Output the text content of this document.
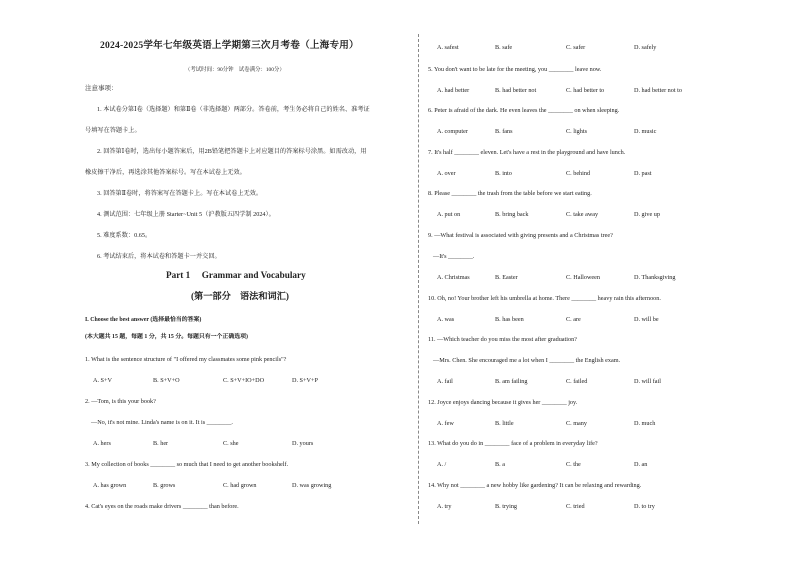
2024-2025学年七年级英语上学期第三次月考卷（上海专用）
（考试时间：90分钟　试卷满分：100分）
注意事项：
1. 本试卷分第Ⅰ卷（选择题）和第Ⅱ卷（非选择题）两部分。答卷前，考生务必将自己的姓名、准考证
号填写在答题卡上。
2. 回答第Ⅰ卷时，选出每小题答案后，用2B铅笔把答题卡上对应题目的答案标号涂黑。如需改动，用
橡皮擦干净后，再选涂其他答案标号。写在本试卷上无效。
3. 回答第Ⅱ卷时，将答案写在答题卡上。写在本试卷上无效。
4. 测试范围：七年级上册 Starter~Unit 5（沪教版五四学制 2024）。
5. 难度系数：0.65。
6. 考试结束后，将本试卷和答题卡一并交回。
Part 1　 Grammar and Vocabulary
(第一部分　语法和词汇)
I. Choose the best answer (选择最恰当的答案)
(本大题共 15 题，每题 1 分，共 15 分。每题只有一个正确选项)
1. What is the sentence structure of "I offered my classmates some pink pencils"?
A. S+V	B. S+V+O	C. S+V+IO+DO	D. S+V+P
2. —Tom, is this your book?
—No, it's not mine. Linda's name is on it. It is ________.
A. hers	B. her	C. she	D. yours
3. My collection of books ________ so much that I need to get another bookshelf.
A. has grown	B. grows	C. had grown	D. was growing
4. Cat's eyes on the roads make drivers ________ than before.
A. safest	B. safe	C. safer	D. safely
5. You don't want to be late for the meeting, you ________ leave now.
A. had better	B. had better not	C. had better to	D. had better not to
6. Peter is afraid of the dark. He even leaves the ________ on when sleeping.
A. computer	B. fans	C. lights	D. music
7. It's half ________ eleven. Let's have a rest in the playground and have lunch.
A. over	B. into	C. behind	D. past
8. Please ________ the trash from the table before we start eating.
A. put on	B. bring back	C. take away	D. give up
9. —What festival is associated with giving presents and a Christmas tree?
—It's ________.
A. Christmas	B. Easter	C. Halloween	D. Thanksgiving
10. Oh, no! Your brother left his umbrella at home. There ________ heavy rain this afternoon.
A. was	B. has been	C. are	D. will be
11. —Which teacher do you miss the most after graduation?
—Mrs. Chen. She encouraged me a lot when I ________ the English exam.
A. fail	B. am failing	C. failed	D. will fail
12. Joyce enjoys dancing because it gives her ________ joy.
A. few	B. little	C. many	D. much
13. What do you do in ________ face of a problem in everyday life?
A. /	B. a	C. the	D. an
14. Why not ________ a new hobby like gardening? It can be relaxing and rewarding.
A. try	B. trying	C. tried	D. to try
